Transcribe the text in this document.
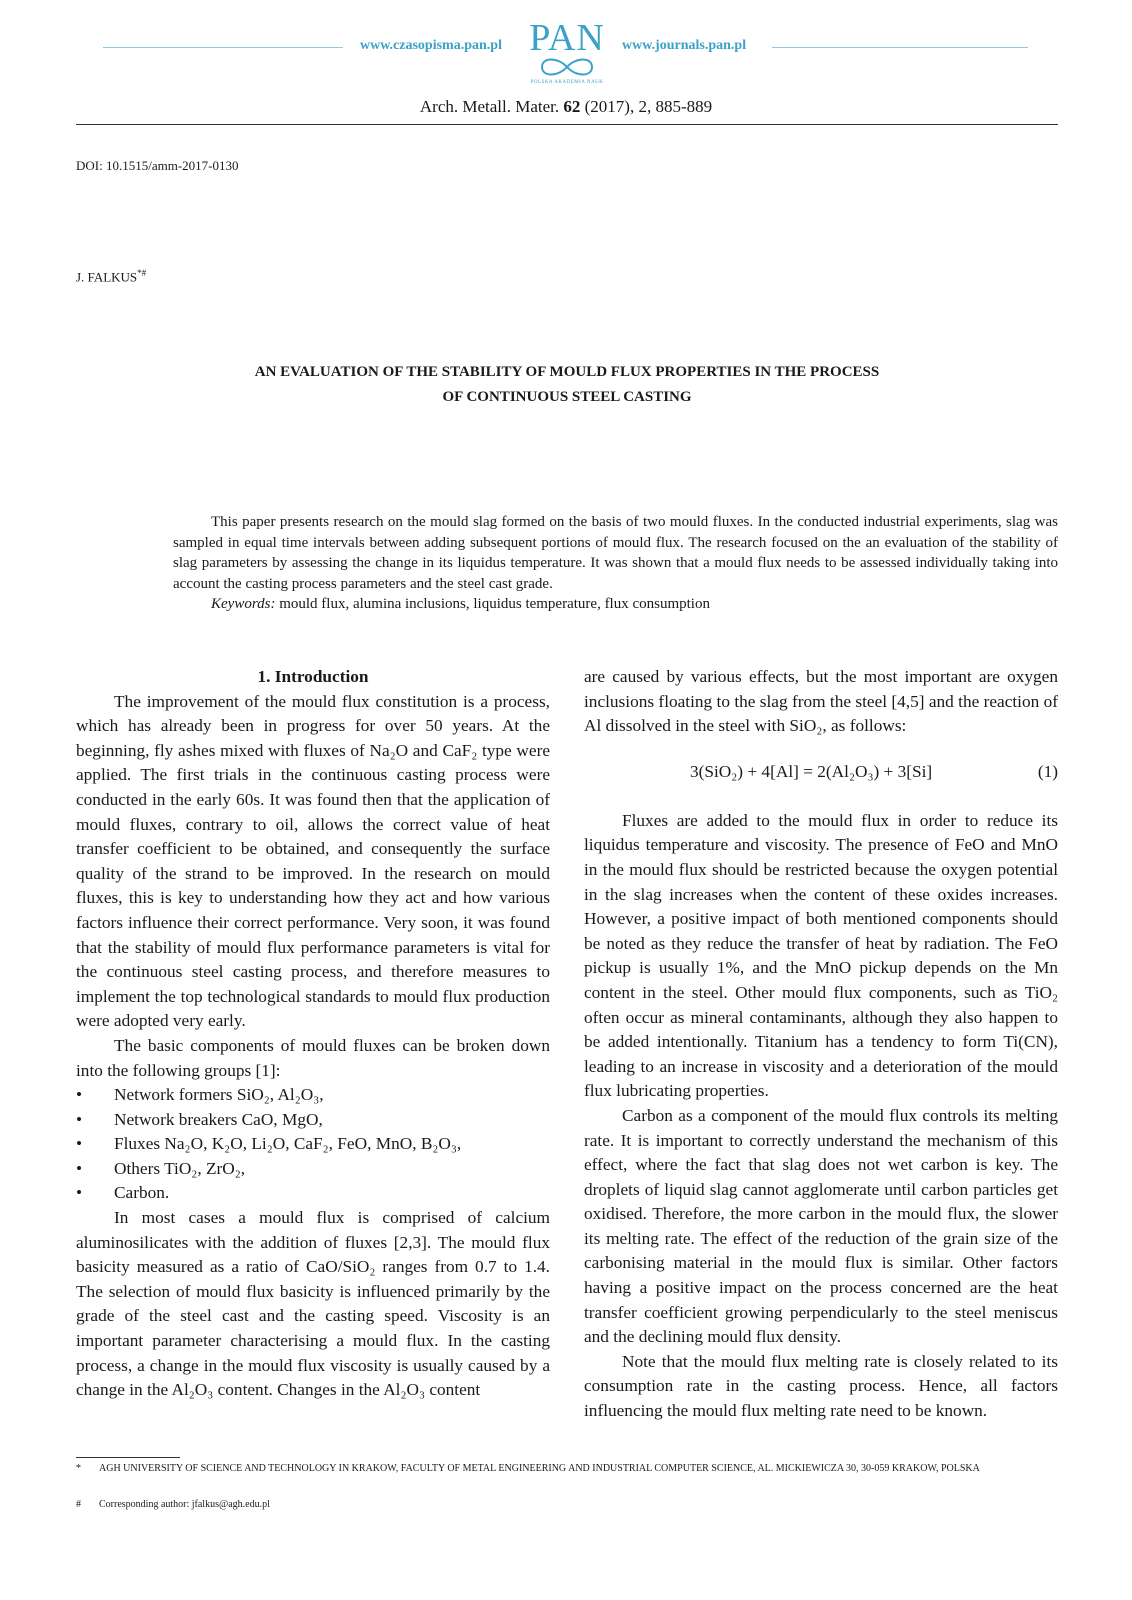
www.czasopisma.pan.pl PAN
POLSKA AKADEMIA NAUK
www.journals.pan.pl
Arch. Metall. Mater. 62 (2017), 2, 885-889
DOI: 10.1515/amm-2017-0130
J. FALKUS*#
AN EVALUATION OF THE STABILITY OF MOULD FLUX PROPERTIES IN THE PROCESS
OF CONTINUOUS STEEL CASTING

This paper presents research on the mould slag formed on the basis of two mould fluxes. In the conducted industrial experiments, slag was sampled in equal time intervals between adding subsequent portions of mould flux. The research focused on the an evaluation of the stability of slag parameters by assessing the change in its liquidus temperature. It was shown that a mould flux needs to be assessed individually taking into account the casting process parameters and the steel cast grade.

Keywords: mould flux, alumina inclusions, liquidus temperature, flux consumption

1. Introduction

The improvement of the mould flux constitution is a process, which has already been in progress for over 50 years. At the beginning, fly ashes mixed with fluxes of Na₂O and CaF₂ type were applied. The first trials in the continuous casting process were conducted in the early 60s. It was found then that the application of mould fluxes, contrary to oil, allows the correct value of heat transfer coefficient to be obtained, and consequently the surface quality of the strand to be improved. In the research on mould fluxes, this is key to understanding how they act and how various factors influence their correct performance. Very soon, it was found that the stability of mould flux performance parameters is vital for the continuous steel casting process, and therefore measures to implement the top technological standards to mould flux production were adopted very early.

The basic components of mould fluxes can be broken down into the following groups [1]:

• Network formers SiO₂, Al₂O₃,
• Network breakers CaO, MgO,
• Fluxes Na₂O, K₂O, Li₂O, CaF₂, FeO, MnO, B₂O₃,
• Others TiO₂, ZrO₂,
• Carbon.

In most cases a mould flux is comprised of calcium aluminosilicates with the addition of fluxes [2,3]. The mould flux basicity measured as a ratio of CaO/SiO₂ ranges from 0.7 to 1.4. The selection of mould flux basicity is influenced primarily by the grade of the steel cast and the casting speed. Viscosity is an important parameter characterising a mould flux. In the casting process, a change in the mould flux viscosity is usually caused by a change in the Al₂O₃ content. Changes in the Al₂O₃ content

are caused by various effects, but the most important are oxygen inclusions floating to the slag from the steel [4,5] and the reaction of Al dissolved in the steel with SiO₂, as follows:

3(SiO₂) + 4[Al] = 2(Al₂O₃) + 3[Si]	(1)

Fluxes are added to the mould flux in order to reduce its liquidus temperature and viscosity. The presence of FeO and MnO in the mould flux should be restricted because the oxygen potential in the slag increases when the content of these oxides increases. However, a positive impact of both mentioned components should be noted as they reduce the transfer of heat by radiation. The FeO pickup is usually 1%, and the MnO pickup depends on the Mn content in the steel. Other mould flux components, such as TiO₂ often occur as mineral contaminants, although they also happen to be added intentionally. Titanium has a tendency to form Ti(CN), leading to an increase in viscosity and a deterioration of the mould flux lubricating properties.

Carbon as a component of the mould flux controls its melting rate. It is important to correctly understand the mechanism of this effect, where the fact that slag does not wet carbon is key. The droplets of liquid slag cannot agglomerate until carbon particles get oxidised. Therefore, the more carbon in the mould flux, the slower its melting rate. The effect of the reduction of the grain size of the carbonising material in the mould flux is similar. Other factors having a positive impact on the process concerned are the heat transfer coefficient growing perpendicularly to the steel meniscus and the declining mould flux density.

Note that the mould flux melting rate is closely related to its consumption rate in the casting process. Hence, all factors influencing the mould flux melting rate need to be known.

* AGH UNIVERSITY OF SCIENCE AND TECHNOLOGY IN KRAKOW, FACULTY OF METAL ENGINEERING AND INDUSTRIAL COMPUTER SCIENCE, AL. MICKIEWICZA 30, 30-059 KRAKOW, POLSKA
# Corresponding author: jfalkus@agh.edu.pl
